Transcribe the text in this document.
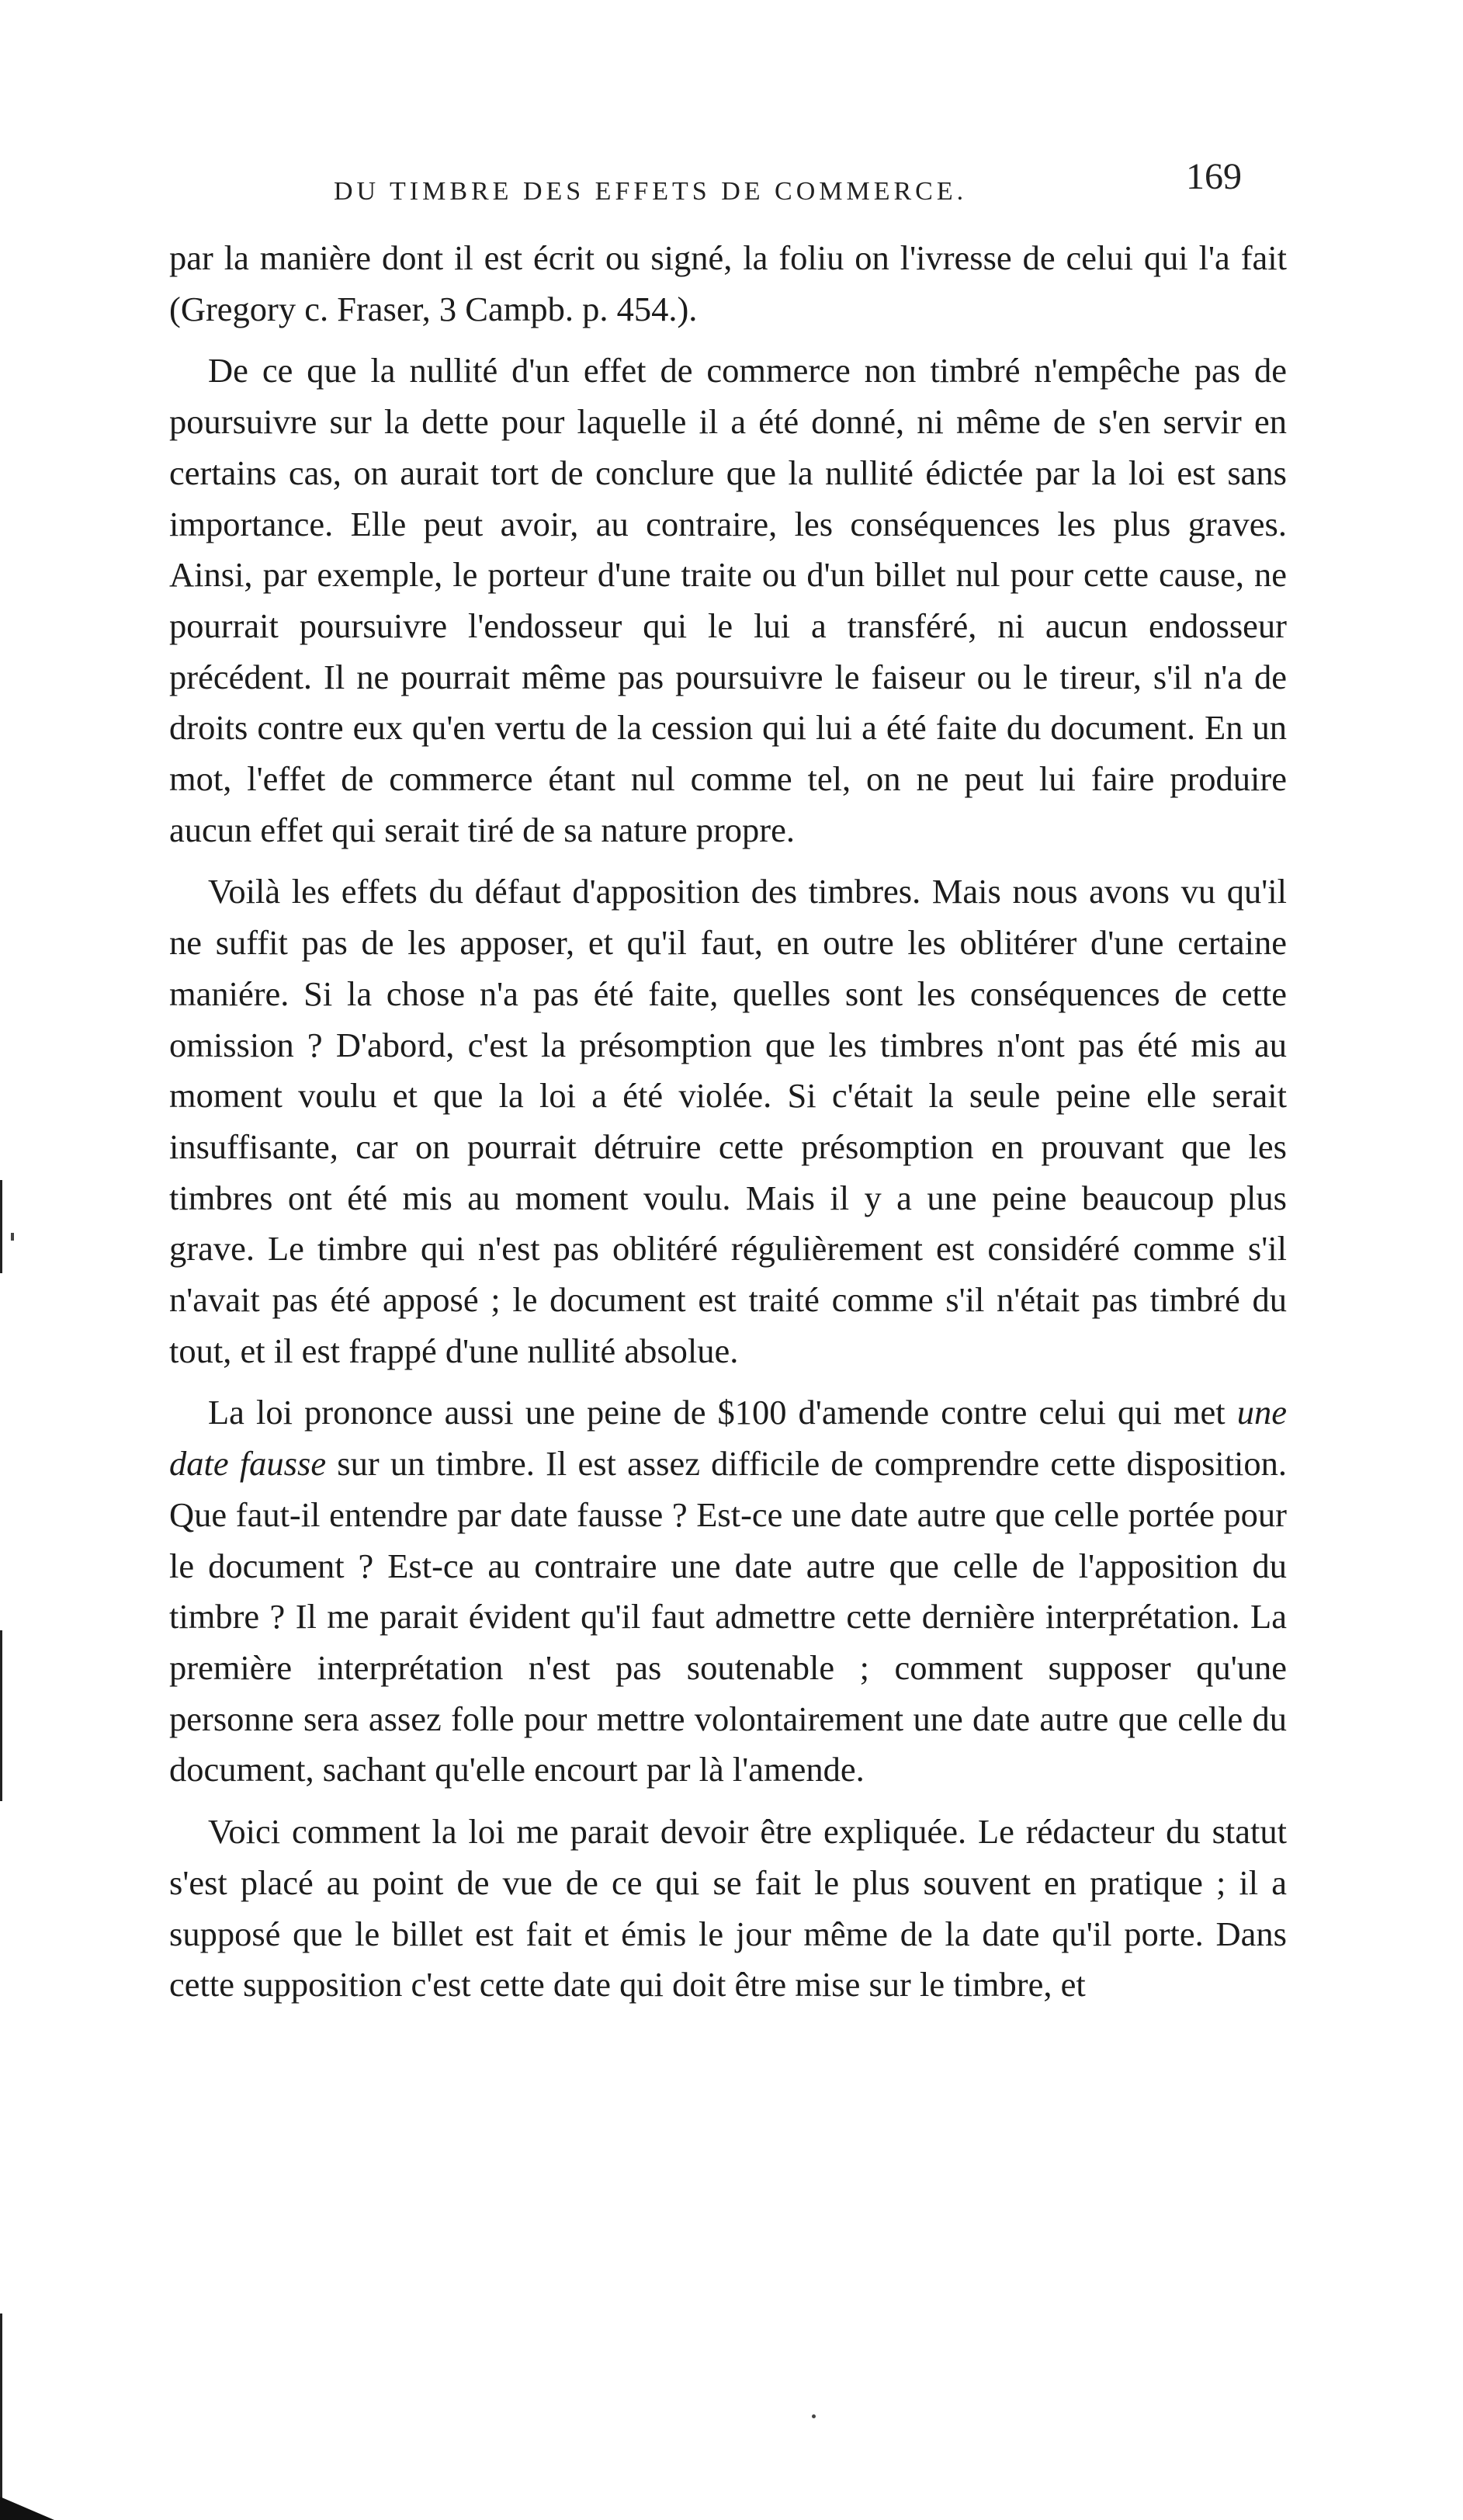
DU TIMBRE DES EFFETS DE COMMERCE.	169

par la manière dont il est écrit ou signé, la foliu on l'ivresse de celui qui l'a fait (Gregory c. Fraser, 3 Campb. p. 454.).

De ce que la nullité d'un effet de commerce non timbré n'empêche pas de poursuivre sur la dette pour laquelle il a été donné, ni même de s'en servir en certains cas, on aurait tort de conclure que la nullité édictée par la loi est sans importance. Elle peut avoir, au contraire, les conséquences les plus graves. Ainsi, par exemple, le porteur d'une traite ou d'un billet nul pour cette cause, ne pourrait poursuivre l'endosseur qui le lui a transféré, ni aucun endosseur précédent. Il ne pourrait même pas poursuivre le faiseur ou le tireur, s'il n'a de droits contre eux qu'en vertu de la cession qui lui a été faite du document. En un mot, l'effet de commerce étant nul comme tel, on ne peut lui faire produire aucun effet qui serait tiré de sa nature propre.

Voilà les effets du défaut d'apposition des timbres. Mais nous avons vu qu'il ne suffit pas de les apposer, et qu'il faut, en outre les oblitérer d'une certaine maniére. Si la chose n'a pas été faite, quelles sont les conséquences de cette omission ? D'abord, c'est la présomption que les timbres n'ont pas été mis au moment voulu et que la loi a été violée. Si c'était la seule peine elle serait insuffisante, car on pourrait détruire cette présomption en prouvant que les timbres ont été mis au moment voulu. Mais il y a une peine beaucoup plus grave. Le timbre qui n'est pas oblitéré régulièrement est considéré comme s'il n'avait pas été apposé ; le document est traité comme s'il n'était pas timbré du tout, et il est frappé d'une nullité absolue.

La loi prononce aussi une peine de $100 d'amende contre celui qui met une date fausse sur un timbre. Il est assez difficile de comprendre cette disposition. Que faut-il entendre par date fausse ? Est-ce une date autre que celle portée pour le document ? Est-ce au contraire une date autre que celle de l'apposition du timbre ? Il me parait évident qu'il faut admettre cette dernière interprétation. La première interprétation n'est pas soutenable ; comment supposer qu'une personne sera assez folle pour mettre volontairement une date autre que celle du document, sachant qu'elle encourt par là l'amende.

Voici comment la loi me parait devoir être expliquée. Le rédacteur du statut s'est placé au point de vue de ce qui se fait le plus souvent en pratique ; il a supposé que le billet est fait et émis le jour même de la date qu'il porte. Dans cette supposition c'est cette date qui doit être mise sur le timbre, et
